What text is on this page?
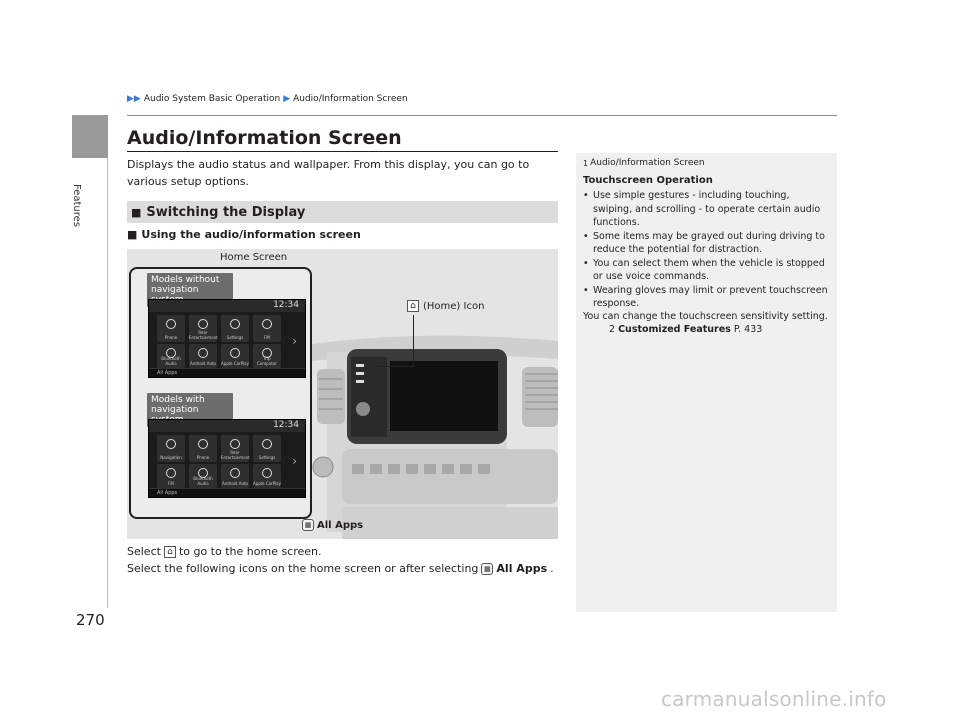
Features
270
▶▶ Audio System Basic Operation ▶ Audio/Information Screen
Audio/Information Screen
Displays the audio status and wallpaper. From this display, you can go to various setup options.
■ Switching the Display
■ Using the audio/information screen
Home Screen
⌂ (Home) Icon
Models without navigation
12:34
Phone
Rear Entertainment	Settings	FM
Bluetooth Audio	Android Auto Apple CarPlay
Trip Computer
›
All Apps
Models with navigation
12:34
Navigation	Phone
Rear Entertainment	Settings
FM
Bluetooth Audio	Android Auto Apple CarPlay
›
All Apps
▦ All Apps
Select ⌂ to go to the home screen.
Select the following icons on the home screen or after selecting ▦ All Apps .
1 Audio/Information Screen
Touchscreen Operation
• Use simple gestures - including touching, swiping, and scrolling - to operate certain audio functions.
• Some items may be grayed out during driving to reduce the potential for distraction.
• You can select them when the vehicle is stopped or use voice commands.
• Wearing gloves may limit or prevent touchscreen response.
You can change the touchscreen sensitivity setting.
2 Customized Features P. 433
carmanualsonline.info
